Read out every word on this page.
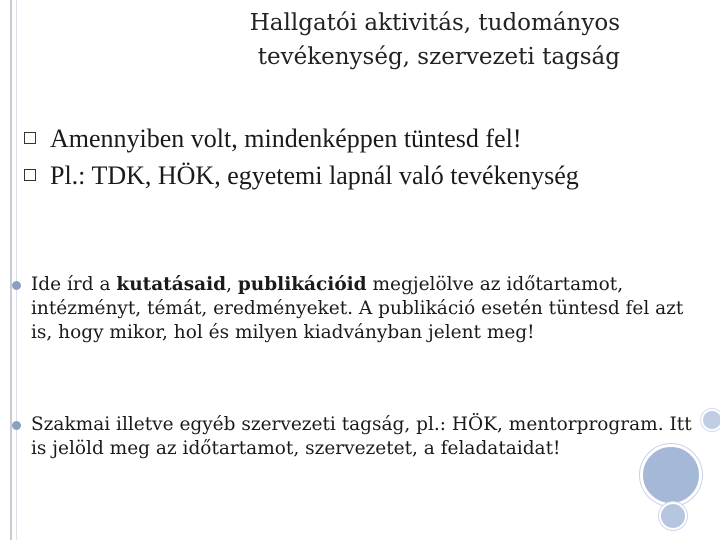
Hallgatói aktivitás, tudományos
tevékenység, szervezeti tagság
Amennyiben volt, mindenképpen tüntesd fel!
Pl.: TDK, HÖK, egyetemi lapnál való tevékenység
Ide írd a kutatásaid, publikációid megjelölve az időtartamot, intézményt, témát, eredményeket. A publikáció esetén tüntesd fel azt is, hogy mikor, hol és milyen kiadványban jelent meg!
Szakmai illetve egyéb szervezeti tagság, pl.: HÖK, mentorprogram. Itt is jelöld meg az időtartamot, szervezetet, a feladataidat!
